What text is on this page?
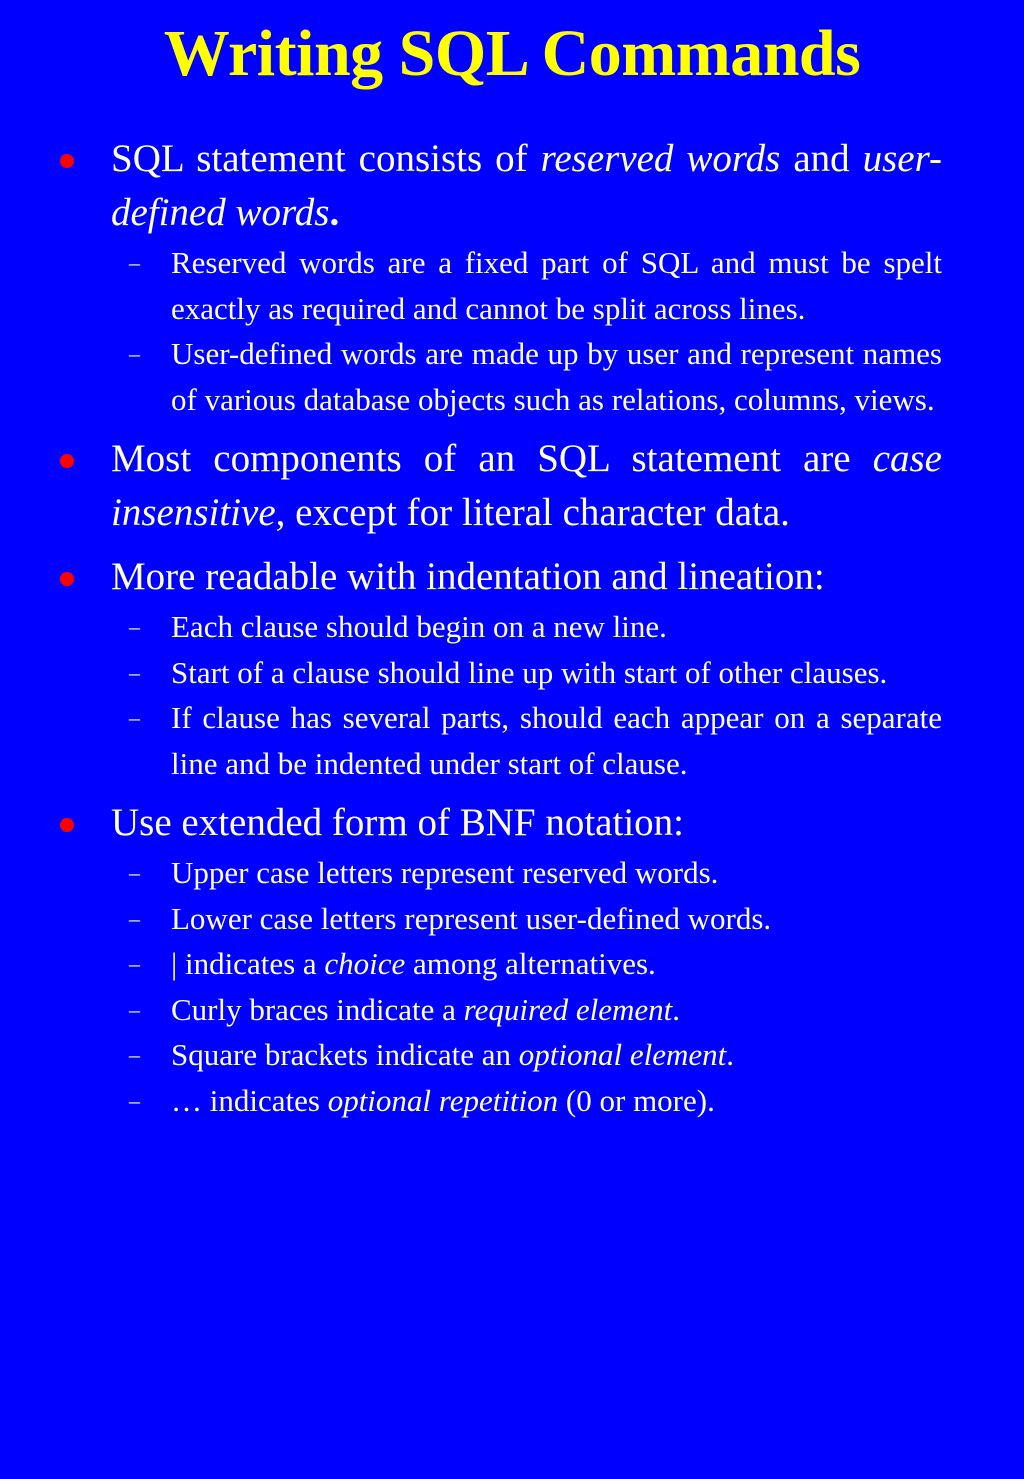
Writing SQL Commands
SQL statement consists of reserved words and user-defined words.
– Reserved words are a fixed part of SQL and must be spelt exactly as required and cannot be split across lines.
– User-defined words are made up by user and represent names of various database objects such as relations, columns, views.
Most components of an SQL statement are case insensitive, except for literal character data.
More readable with indentation and lineation:
– Each clause should begin on a new line.
– Start of a clause should line up with start of other clauses.
– If clause has several parts, should each appear on a separate line and be indented under start of clause.
Use extended form of BNF notation:
– Upper case letters represent reserved words.
– Lower case letters represent user-defined words.
– | indicates a choice among alternatives.
– Curly braces indicate a required element.
– Square brackets indicate an optional element.
– … indicates optional repetition (0 or more).
